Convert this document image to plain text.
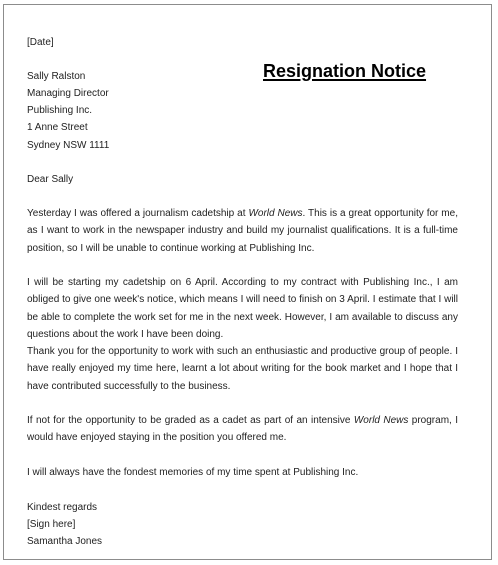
Resignation Notice
[Date]
Sally Ralston
Managing Director
Publishing Inc.
1 Anne Street
Sydney NSW 1111
Dear Sally
Yesterday I was offered a journalism cadetship at World News. This is a great opportunity for me, as I want to work in the newspaper industry and build my journalist qualifications. It is a full-time position, so I will be unable to continue working at Publishing Inc.
I will be starting my cadetship on 6 April. According to my contract with Publishing Inc., I am obliged to give one week's notice, which means I will need to finish on 3 April. I estimate that I will be able to complete the work set for me in the next week. However, I am available to discuss any questions about the work I have been doing.
Thank you for the opportunity to work with such an enthusiastic and productive group of people. I have really enjoyed my time here, learnt a lot about writing for the book market and I hope that I have contributed successfully to the business.
If not for the opportunity to be graded as a cadet as part of an intensive World News program, I would have enjoyed staying in the position you offered me.
I will always have the fondest memories of my time spent at Publishing Inc.
Kindest regards
[Sign here]
Samantha Jones
